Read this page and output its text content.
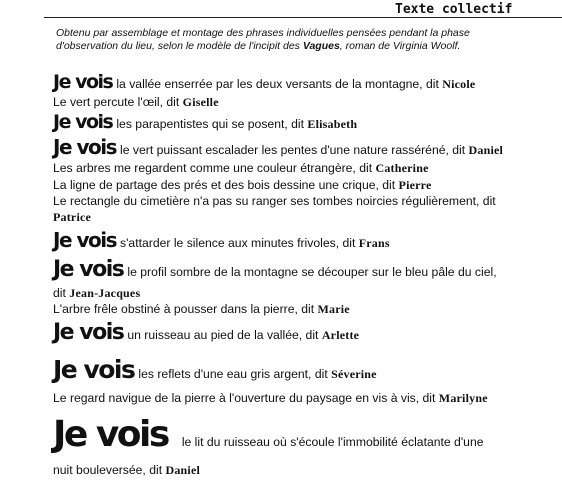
Texte collectif
Obtenu par assemblage et montage des phrases individuelles pensées pendant la phase d'observation du lieu, selon le modèle de l'incipit des Vagues, roman de Virginia Woolf.
Je vois la vallée enserrée par les deux versants de la montagne, dit Nicole
Le vert percute l'œil, dit Giselle
Je vois les parapentistes qui se posent, dit Elisabeth
Je vois le vert puissant escalader les pentes d'une nature rasséréné, dit Daniel
Les arbres me regardent comme une couleur étrangère, dit Catherine
La ligne de partage des prés et des bois dessine une crique, dit Pierre
Le rectangle du cimetière n'a pas su ranger ses tombes noircies régulièrement, dit
Patrice
Je vois s'attarder le silence aux minutes frivoles, dit Frans
Je vois le profil sombre de la montagne se découper sur le bleu pâle du ciel,
dit Jean-Jacques
L'arbre frêle obstiné à pousser dans la pierre, dit Marie
Je vois un ruisseau au pied de la vallée, dit Arlette
Je vois les reflets d'une eau gris argent, dit Séverine
Le regard navigue de la pierre à l'ouverture du paysage en vis à vis, dit Marilyne
Je vois le lit du ruisseau où s'écoule l'immobilité éclatante d'une
nuit bouleversée, dit Daniel
